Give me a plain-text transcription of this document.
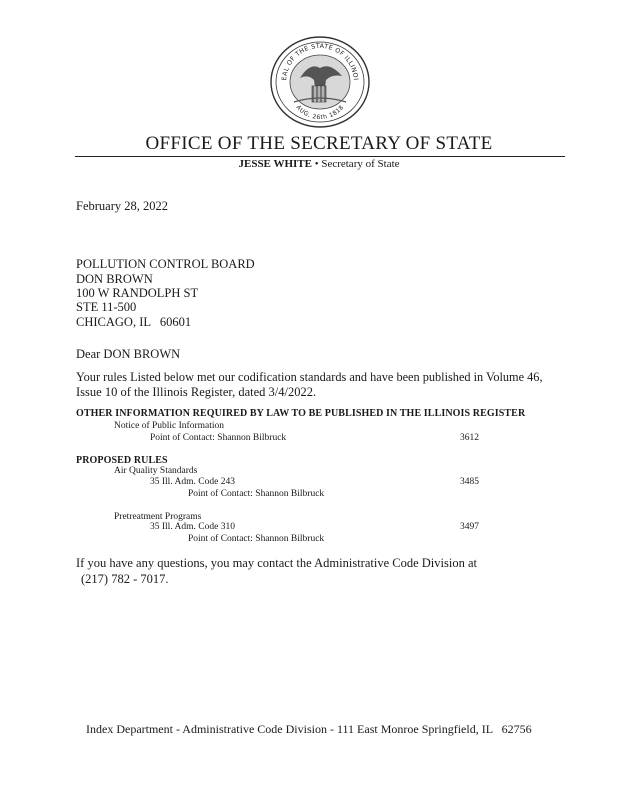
EAL OF THE STATE OF ILLINOI
AUG. 26th 1818
OFFICE OF THE SECRETARY OF STATE
JESSE WHITE • Secretary of State
February 28, 2022
POLLUTION CONTROL BOARD
DON BROWN
100 W RANDOLPH ST
STE 11-500
CHICAGO, IL   60601
Dear DON BROWN
Your rules Listed below met our codification standards and have been published in Volume 46,
Issue 10 of the Illinois Register, dated 3/4/2022.
OTHER INFORMATION REQUIRED BY LAW TO BE PUBLISHED IN THE ILLINOIS REGISTER
Notice of Public Information
Point of Contact: Shannon Bilbruck	3612
PROPOSED RULES
Air Quality Standards
35 Ill. Adm. Code 243	3485
Point of Contact: Shannon Bilbruck
Pretreatment Programs
35 Ill. Adm. Code 310	3497
Point of Contact: Shannon Bilbruck
If you have any questions, you may contact the Administrative Code Division at
(217) 782 - 7017.
Index Department - Administrative Code Division - 111 East Monroe Springfield, IL   62756
